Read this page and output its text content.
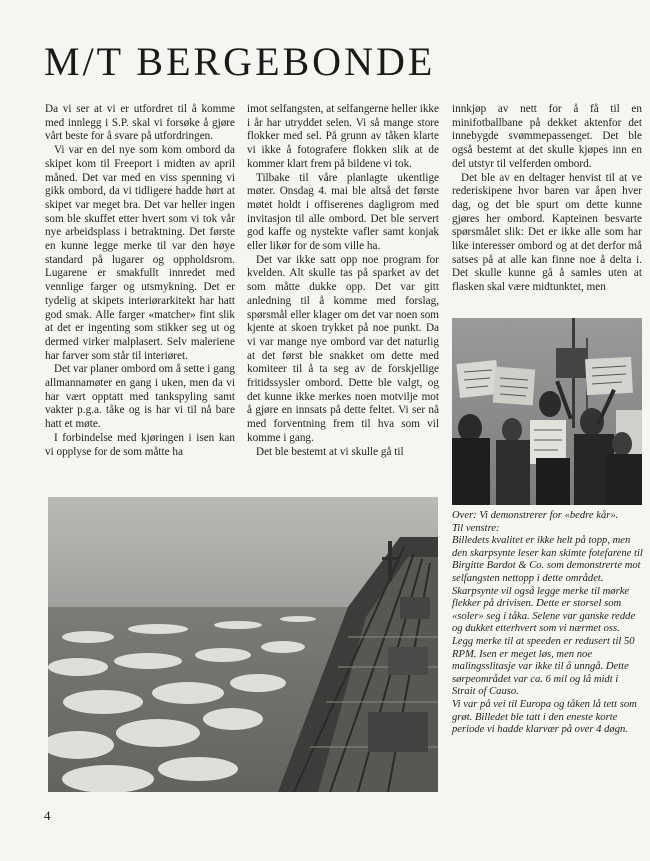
M/T BERGEBONDE

Da vi ser at vi er utfordret til å komme med innlegg i S.P. skal vi forsøke å gjøre vårt beste for å svare på utfordringen.

Vi var en del nye som kom ombord da skipet kom til Freeport i midten av april måned. Det var med en viss spenning vi gikk ombord, da vi tidligere hadde hørt at skipet var meget bra. Det var heller ingen som ble skuffet etter hvert som vi tok vår nye arbeidsplass i betraktning. Det første en kunne legge merke til var den høye standard på lugarer og oppholdsrom. Lugarene er smakfullt innredet med vennlige farger og utsmykning. Det er tydelig at skipets interiørarkitekt har hatt god smak. Alle farger «matcher» fint slik at det er ingenting som stikker seg ut og dermed virker malplasert. Selv maleriene har farver som står til interiøret.

Det var planer ombord om å sette i gang allmannamøter en gang i uken, men da vi har vært opptatt med tankspyling samt vakter p.g.a. tåke og is har vi til nå bare hatt et møte.

I forbindelse med kjøringen i isen kan vi opplyse for de som måtte ha

imot selfangsten, at selfangerne heller ikke i år har utryddet selen. Vi så mange store flokker med sel. På grunn av tåken klarte vi ikke å fotografere flokken slik at de kommer klart frem på bildene vi tok.

Tilbake til våre planlagte ukentlige møter. Onsdag 4. mai ble altså det første møtet holdt i offiserenes dagligrom med invitasjon til alle ombord. Det ble servert god kaffe og nystekte vafler samt konjak eller likør for de som ville ha.

Det var ikke satt opp noe program for kvelden. Alt skulle tas på sparket av det som måtte dukke opp. Det var gitt anledning til å komme med forslag, spørsmål eller klager om det var noen som kjente at skoen trykket på noe punkt. Da vi var mange nye ombord var det naturlig at det først ble snakket om dette med komiteer til å ta seg av de forskjellige fritidssysler ombord. Dette ble valgt, og det kunne ikke merkes noen motvilje mot å gjøre en innsats på dette feltet. Vi ser nå med forventning frem til hva som vil komme i gang.

Det ble bestemt at vi skulle gå til

innkjøp av nett for å få til en minifotballbane på dekket aktenfor det innebygde svømmepassenget. Det ble også bestemt at det skulle kjøpes inn en del utstyr til velferden ombord.

Det ble av en deltager henvist til at ve rederiskipene hvor baren var åpen hver dag, og det ble spurt om dette kunne gjøres her ombord. Kapteinen besvarte spørsmålet slik: Det er ikke alle som har like interesser ombord og at det derfor må satses på at alle kan finne noe å delta i. Det skulle kunne gå å samles uten at flasken skal være midtunktet, men

Over: Vi demonstrerer for «bedre kår».

Til venstre:

Billedets kvalitet er ikke helt på topp, men den skarpsynte leser kan skimte fotefarene til Birgitte Bardot & Co. som demonstrerte mot selfangsten nettopp i dette området.

Skarpsynte vil også legge merke til mørke flekker på drivisen. Dette er storsel som «soler» seg i tåka. Selene var ganske redde og dukket etterhvert som vi nærmet oss.

Legg merke til at speeden er redusert til 50 RPM. Isen er meget løs, men noe malingsslitasje var ikke til å unngå. Dette sørpeområdet var ca. 6 mil og lå midt i Strait of Causo.

Vi var på vei til Europa og tåken lå tett som grøt. Billedet ble tatt i den eneste korte periode vi hadde klarvær på over 4 døgn.

4
